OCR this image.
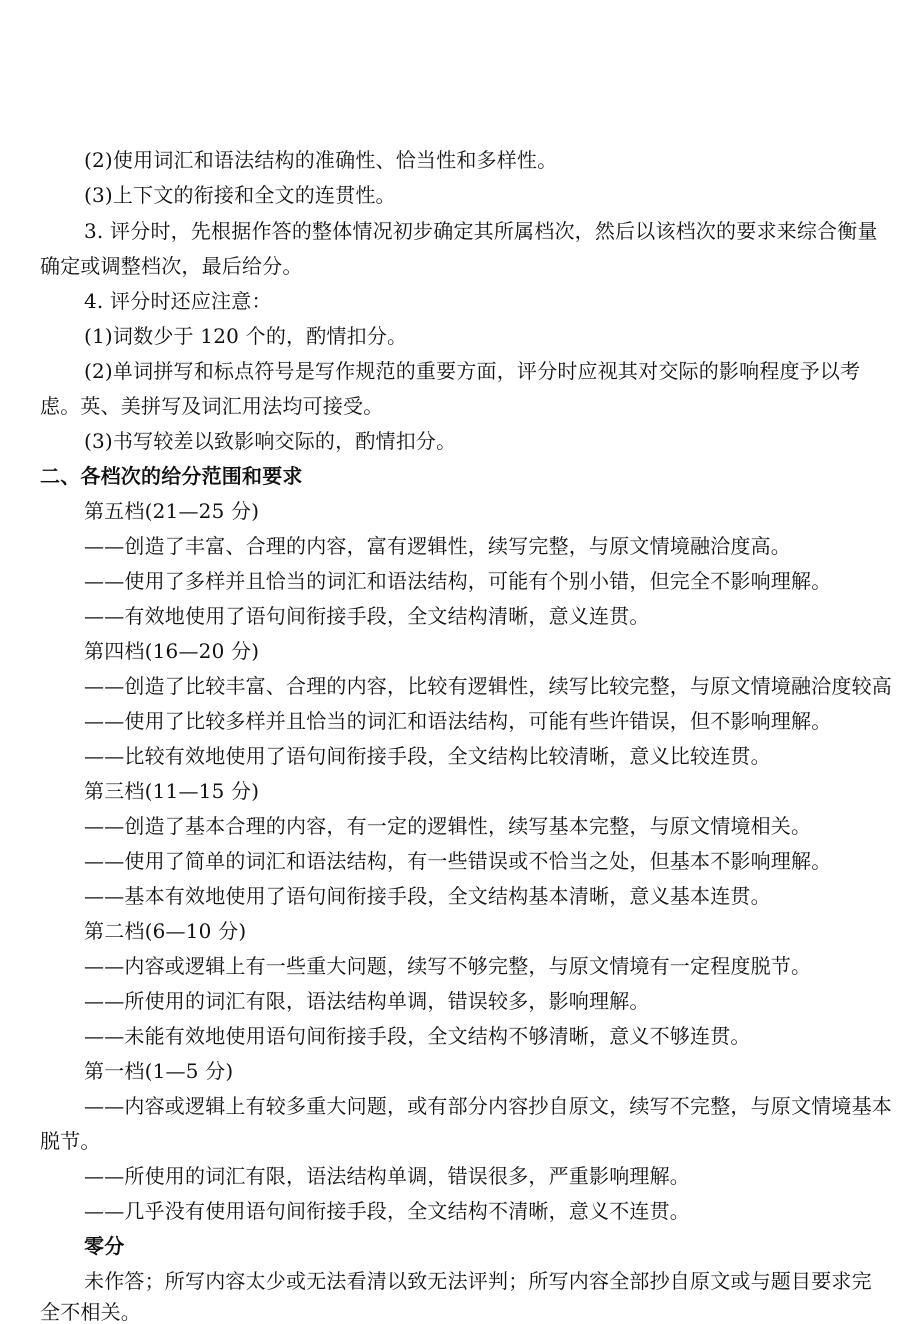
(2)使用词汇和语法结构的准确性、恰当性和多样性。
(3)上下文的衔接和全文的连贯性。
3. 评分时，先根据作答的整体情况初步确定其所属档次，然后以该档次的要求来综合衡量
确定或调整档次，最后给分。
4. 评分时还应注意：
(1)词数少于 120 个的，酌情扣分。
(2)单词拼写和标点符号是写作规范的重要方面，评分时应视其对交际的影响程度予以考
虑。英、美拼写及词汇用法均可接受。
(3)书写较差以致影响交际的，酌情扣分。
二、各档次的给分范围和要求
第五档(21—25 分)
——创造了丰富、合理的内容，富有逻辑性，续写完整，与原文情境融洽度高。
——使用了多样并且恰当的词汇和语法结构，可能有个别小错，但完全不影响理解。
——有效地使用了语句间衔接手段，全文结构清晰，意义连贯。
第四档(16—20 分)
——创造了比较丰富、合理的内容，比较有逻辑性，续写比较完整，与原文情境融洽度较高
——使用了比较多样并且恰当的词汇和语法结构，可能有些许错误，但不影响理解。
——比较有效地使用了语句间衔接手段，全文结构比较清晰，意义比较连贯。
第三档(11—15 分)
——创造了基本合理的内容，有一定的逻辑性，续写基本完整，与原文情境相关。
——使用了简单的词汇和语法结构，有一些错误或不恰当之处，但基本不影响理解。
——基本有效地使用了语句间衔接手段，全文结构基本清晰，意义基本连贯。
第二档(6—10 分)
——内容或逻辑上有一些重大问题，续写不够完整，与原文情境有一定程度脱节。
——所使用的词汇有限，语法结构单调，错误较多，影响理解。
——未能有效地使用语句间衔接手段，全文结构不够清晰，意义不够连贯。
第一档(1—5 分)
——内容或逻辑上有较多重大问题，或有部分内容抄自原文，续写不完整，与原文情境基本
脱节。
——所使用的词汇有限，语法结构单调，错误很多，严重影响理解。
——几乎没有使用语句间衔接手段，全文结构不清晰，意义不连贯。
零分
未作答；所写内容太少或无法看清以致无法评判；所写内容全部抄自原文或与题目要求完
全不相关。
